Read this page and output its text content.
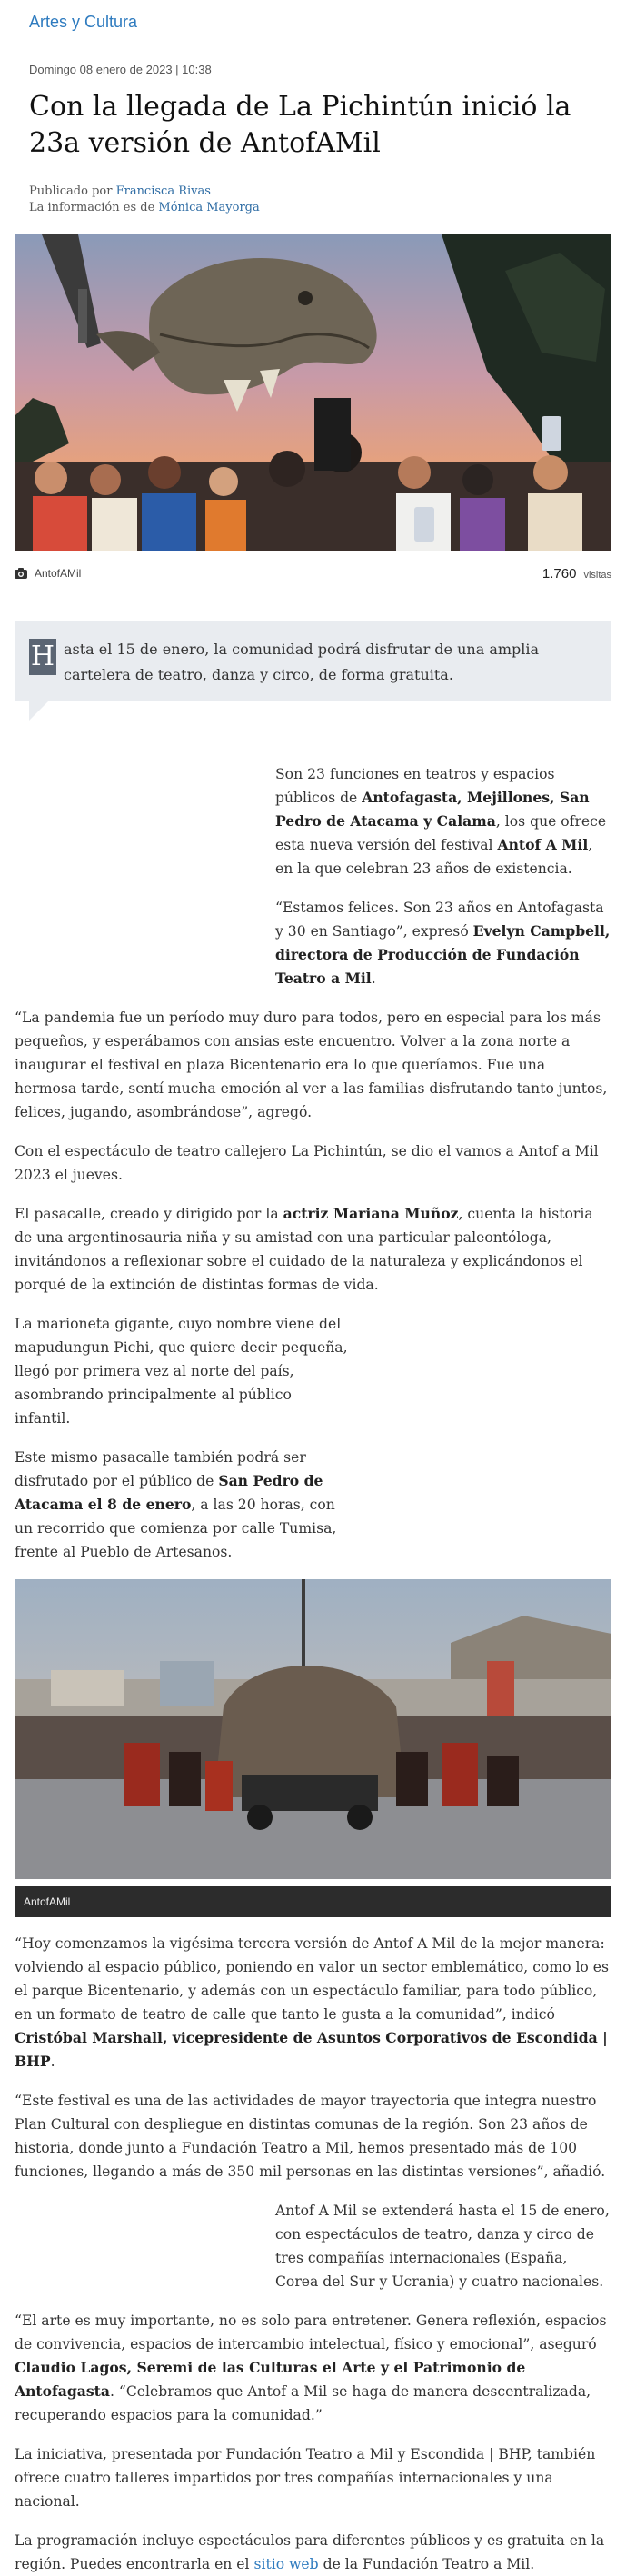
Artes y Cultura
Domingo 08 enero de 2023 | 10:38
Con la llegada de La Pichintún inició la 23a versión de AntofAMil
Publicado por Francisca Rivas
La información es de Mónica Mayorga
AntofAMil	1.760 visitas
H asta el 15 de enero, la comunidad podrá disfrutar de una amplia cartelera de teatro, danza y circo, de forma gratuita.

Son 23 funciones en teatros y espacios públicos de Antofagasta, Mejillones, San Pedro de Atacama y Calama, los que ofrece esta nueva versión del festival Antof A Mil, en la que celebran 23 años de existencia.

“Estamos felices. Son 23 años en Antofagasta y 30 en Santiago”, expresó Evelyn Campbell, directora de Producción de Fundación Teatro a Mil.

“La pandemia fue un período muy duro para todos, pero en especial para los más pequeños, y esperábamos con ansias este encuentro. Volver a la zona norte a inaugurar el festival en plaza Bicentenario era lo que queríamos. Fue una hermosa tarde, sentí mucha emoción al ver a las familias disfrutando tanto juntos, felices, jugando, asombrándose”, agregó.

Con el espectáculo de teatro callejero La Pichintún, se dio el vamos a Antof a Mil 2023 el jueves.

El pasacalle, creado y dirigido por la actriz Mariana Muñoz, cuenta la historia de una argentinosauria niña y su amistad con una particular paleontóloga, invitándonos a reflexionar sobre el cuidado de la naturaleza y explicándonos el porqué de la extinción de distintas formas de vida.

La marioneta gigante, cuyo nombre viene del mapudungun Pichi, que quiere decir pequeña, llegó por primera vez al norte del país, asombrando principalmente al público infantil.

Este mismo pasacalle también podrá ser disfrutado por el público de San Pedro de Atacama el 8 de enero, a las 20 horas, con un recorrido que comienza por calle Tumisa, frente al Pueblo de Artesanos.

AntofAMil

“Hoy comenzamos la vigésima tercera versión de Antof A Mil de la mejor manera: volviendo al espacio público, poniendo en valor un sector emblemático, como lo es el parque Bicentenario, y además con un espectáculo familiar, para todo público, en un formato de teatro de calle que tanto le gusta a la comunidad”, indicó Cristóbal Marshall, vicepresidente de Asuntos Corporativos de Escondida | BHP.

“Este festival es una de las actividades de mayor trayectoria que integra nuestro Plan Cultural con despliegue en distintas comunas de la región. Son 23 años de historia, donde junto a Fundación Teatro a Mil, hemos presentado más de 100 funciones, llegando a más de 350 mil personas en las distintas versiones”, añadió.

Antof A Mil se extenderá hasta el 15 de enero, con espectáculos de teatro, danza y circo de tres compañías internacionales (España, Corea del Sur y Ucrania) y cuatro nacionales.

“El arte es muy importante, no es solo para entretener. Genera reflexión, espacios de convivencia, espacios de intercambio intelectual, físico y emocional”, aseguró Claudio Lagos, Seremi de las Culturas el Arte y el Patrimonio de Antofagasta. “Celebramos que Antof a Mil se haga de manera descentralizada, recuperando espacios para la comunidad.”

La iniciativa, presentada por Fundación Teatro a Mil y Escondida | BHP, también ofrece cuatro talleres impartidos por tres compañías internacionales y una nacional.

La programación incluye espectáculos para diferentes públicos y es gratuita en la región. Puedes encontrarla en el sitio web de la Fundación Teatro a Mil.
